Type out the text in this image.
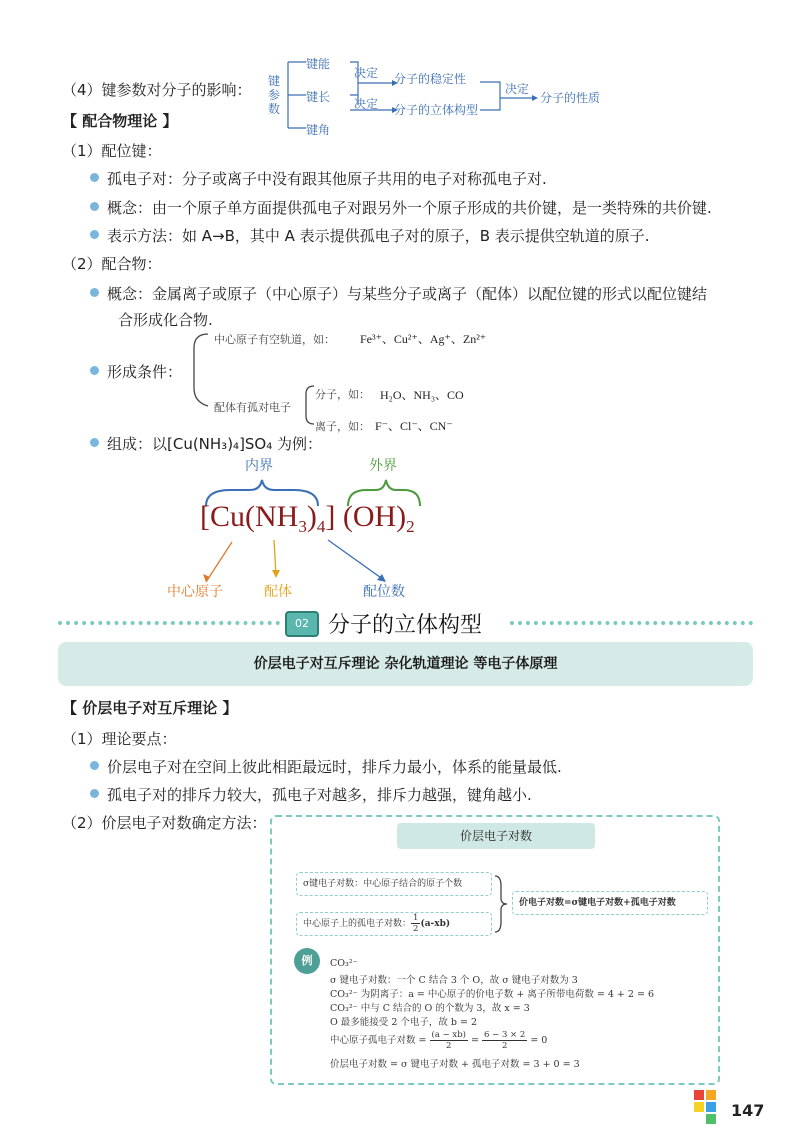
（4）键参数对分子的影响： 键
参
数
键能
键长
键角
决定
决定
分子的稳定性
分子的立体构型
决定
分子的性质
【 配合物理论 】
（1）配位键：
孤电子对：分子或离子中没有跟其他原子共用的电子对称孤电子对.
概念：由一个原子单方面提供孤电子对跟另外一个原子形成的共价键，是一类特殊的共价键.
表示方法：如 A→B，其中 A 表示提供孤电子对的原子，B 表示提供空轨道的原子.
（2）配合物：
概念：金属离子或原子（中心原子）与某些分子或离子（配体）以配位键的形式以配位键结
合形成化合物.
形成条件：
中心原子有空轨道，如： Fe³⁺、Cu²⁺、Ag⁺、Zn²⁺
配体有孤对电子
分子，如： H₂O、NH₃、CO
离子，如： F⁻、Cl⁻、CN⁻
组成：以[Cu(NH₃)₄]SO₄ 为例：
内界	外界
$[Cu(NH_3)_4]$ $(OH)_2$
中心原子	配体	配位数
02 分子的立体构型
价层电子对互斥理论 杂化轨道理论 等电子体原理
【 价层电子对互斥理论 】
（1）理论要点：
价层电子对在空间上彼此相距最远时，排斥力最小，体系的能量最低.
孤电子对的排斥力较大，孤电子对越多，排斥力越强，键角越小.
（2）价层电子对数确定方法：
价层电子对数
σ键电子对数：中心原子结合的原子个数
中心原子上的孤电子对数： $\frac{1}{2} (a-xb)$
价电子对数=σ键电子对数+孤电子对数
例	CO₃²⁻
σ 键电子对数：一个 C 结合 3 个 O，故 σ 键电子对数为 3
CO₃²⁻ 为阴离子：a = 中心原子的价电子数 + 离子所带电荷数 = 4 + 2 = 6
CO₃²⁻ 中与 C 结合的 O 的个数为 3，故 x = 3
O 最多能接受 2 个电子，故 b = 2
中心原子孤电子对数 = $\frac{(a - xb)}{2} = \frac{6 - 3 \times 2}{2} = 0$
价层电子对数 = σ 键电子对数 + 孤电子对数 = 3 + 0 = 3
147
